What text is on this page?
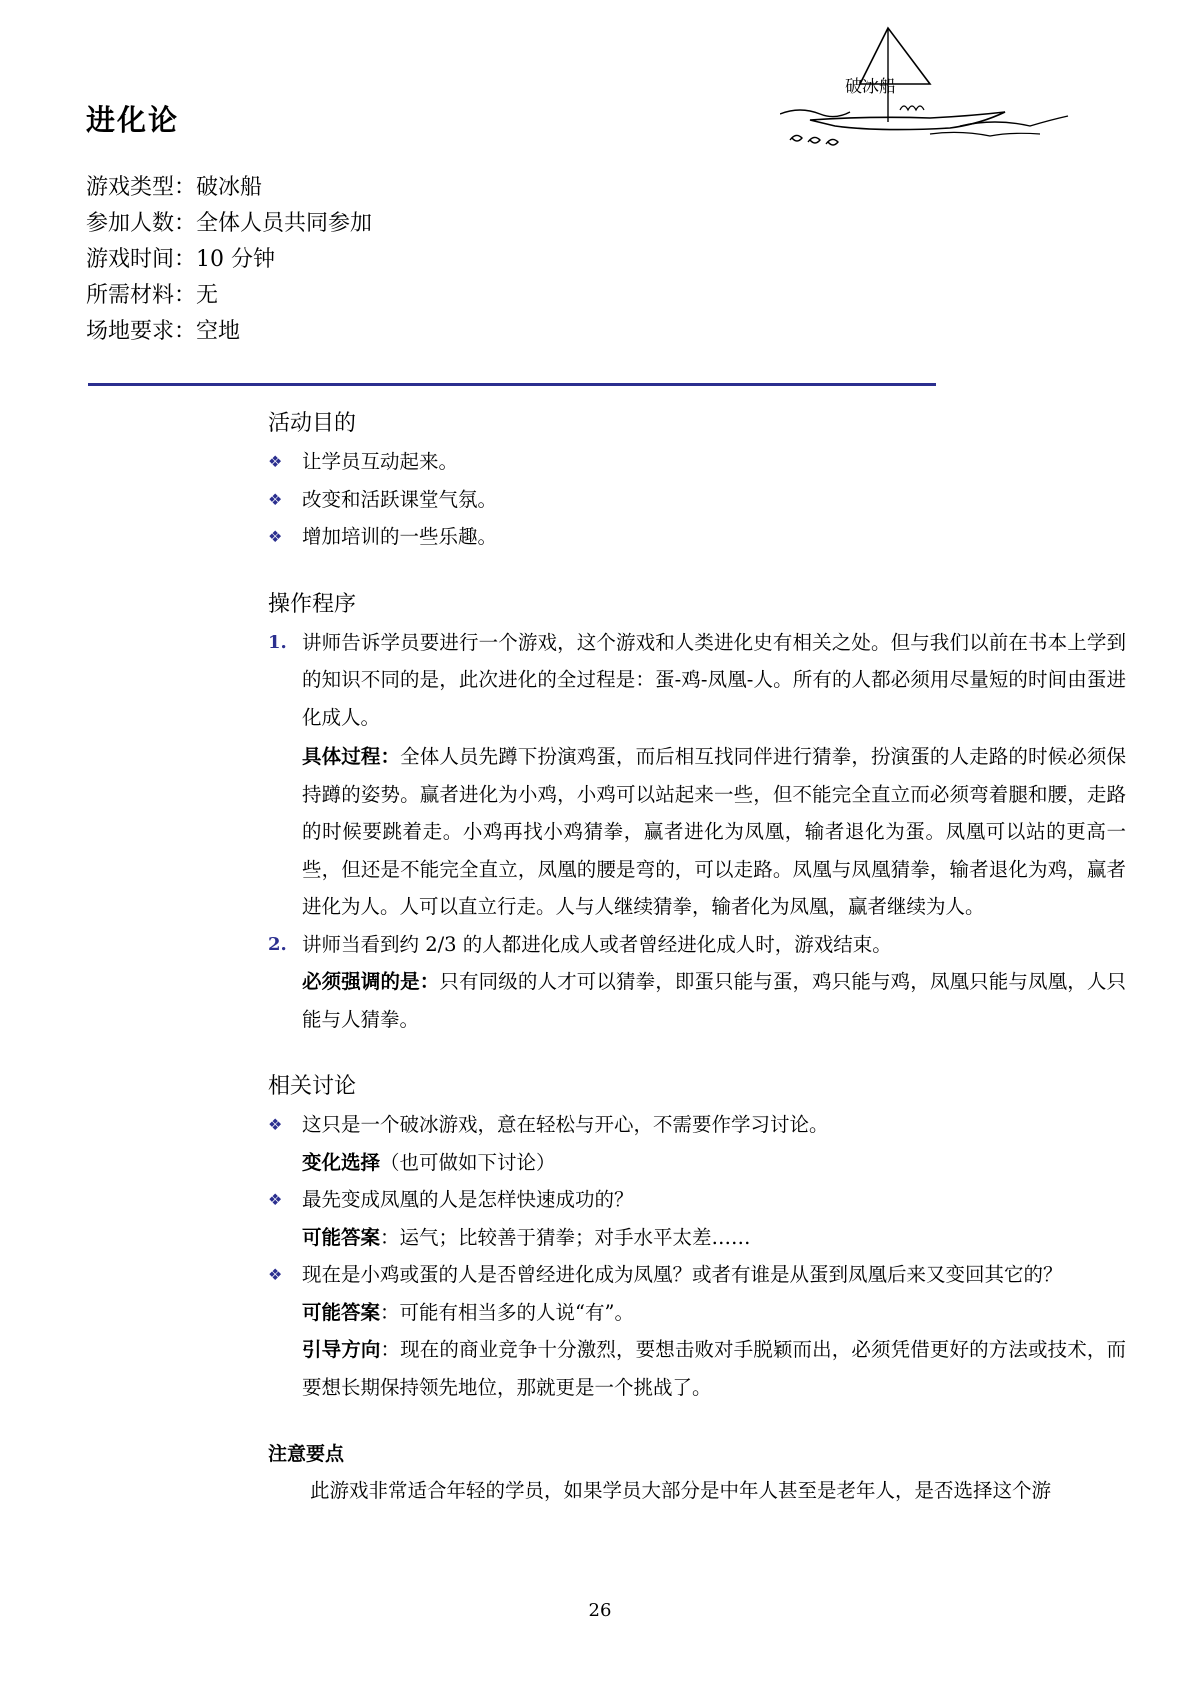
破冰船
进化论
游戏类型：破冰船
参加人数：全体人员共同参加
游戏时间：10 分钟
所需材料：无
场地要求：空地
活动目的
❖ 让学员互动起来。
❖ 改变和活跃课堂气氛。
❖ 增加培训的一些乐趣。
操作程序
1. 讲师告诉学员要进行一个游戏，这个游戏和人类进化史有相关之处。但与我们以前在书本上学到的知识不同的是，此次进化的全过程是：蛋-鸡-凤凰-人。所有的人都必须用尽量短的时间由蛋进化成人。
具体过程：全体人员先蹲下扮演鸡蛋，而后相互找同伴进行猜拳，扮演蛋的人走路的时候必须保持蹲的姿势。赢者进化为小鸡，小鸡可以站起来一些，但不能完全直立而必须弯着腿和腰，走路的时候要跳着走。小鸡再找小鸡猜拳，赢者进化为凤凰，输者退化为蛋。凤凰可以站的更高一些，但还是不能完全直立，凤凰的腰是弯的，可以走路。凤凰与凤凰猜拳，输者退化为鸡，赢者进化为人。人可以直立行走。人与人继续猜拳，输者化为凤凰，赢者继续为人。
2. 讲师当看到约 2/3 的人都进化成人或者曾经进化成人时，游戏结束。
必须强调的是：只有同级的人才可以猜拳，即蛋只能与蛋，鸡只能与鸡，凤凰只能与凤凰，人只能与人猜拳。
相关讨论
❖ 这只是一个破冰游戏，意在轻松与开心，不需要作学习讨论。
变化选择（也可做如下讨论）
❖ 最先变成凤凰的人是怎样快速成功的？
可能答案：运气；比较善于猜拳；对手水平太差……
❖ 现在是小鸡或蛋的人是否曾经进化成为凤凰？或者有谁是从蛋到凤凰后来又变回其它的？
可能答案：可能有相当多的人说“有”。
引导方向：现在的商业竞争十分激烈，要想击败对手脱颖而出，必须凭借更好的方法或技术，而要想长期保持领先地位，那就更是一个挑战了。
注意要点
此游戏非常适合年轻的学员，如果学员大部分是中年人甚至是老年人，是否选择这个游
26
